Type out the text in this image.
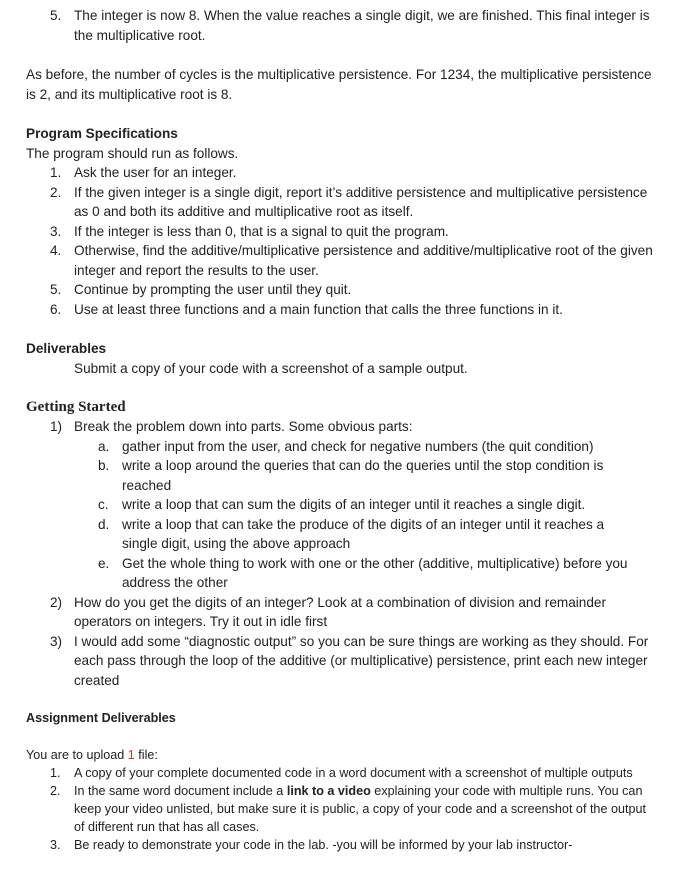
5. The integer is now 8. When the value reaches a single digit, we are finished. This final integer is the multiplicative root.
As before, the number of cycles is the multiplicative persistence. For 1234, the multiplicative persistence is 2, and its multiplicative root is 8.
Program Specifications
The program should run as follows.
1. Ask the user for an integer.
2. If the given integer is a single digit, report it’s additive persistence and multiplicative persistence as 0 and both its additive and multiplicative root as itself.
3. If the integer is less than 0, that is a signal to quit the program.
4. Otherwise, find the additive/multiplicative persistence and additive/multiplicative root of the given integer and report the results to the user.
5. Continue by prompting the user until they quit.
6. Use at least three functions and a main function that calls the three functions in it.
Deliverables
Submit a copy of your code with a screenshot of a sample output.
Getting Started
1) Break the problem down into parts. Some obvious parts:
a. gather input from the user, and check for negative numbers (the quit condition)
b. write a loop around the queries that can do the queries until the stop condition is reached
c. write a loop that can sum the digits of an integer until it reaches a single digit.
d. write a loop that can take the produce of the digits of an integer until it reaches a single digit, using the above approach
e. Get the whole thing to work with one or the other (additive, multiplicative) before you address the other
2) How do you get the digits of an integer? Look at a combination of division and remainder operators on integers. Try it out in idle first
3) I would add some “diagnostic output” so you can be sure things are working as they should. For each pass through the loop of the additive (or multiplicative) persistence, print each new integer created
Assignment Deliverables
You are to upload 1 file:
1. A copy of your complete documented code in a word document with a screenshot of multiple outputs
2. In the same word document include a link to a video explaining your code with multiple runs. You can keep your video unlisted, but make sure it is public, a copy of your code and a screenshot of the output of different run that has all cases.
3. Be ready to demonstrate your code in the lab. -you will be informed by your lab instructor-
